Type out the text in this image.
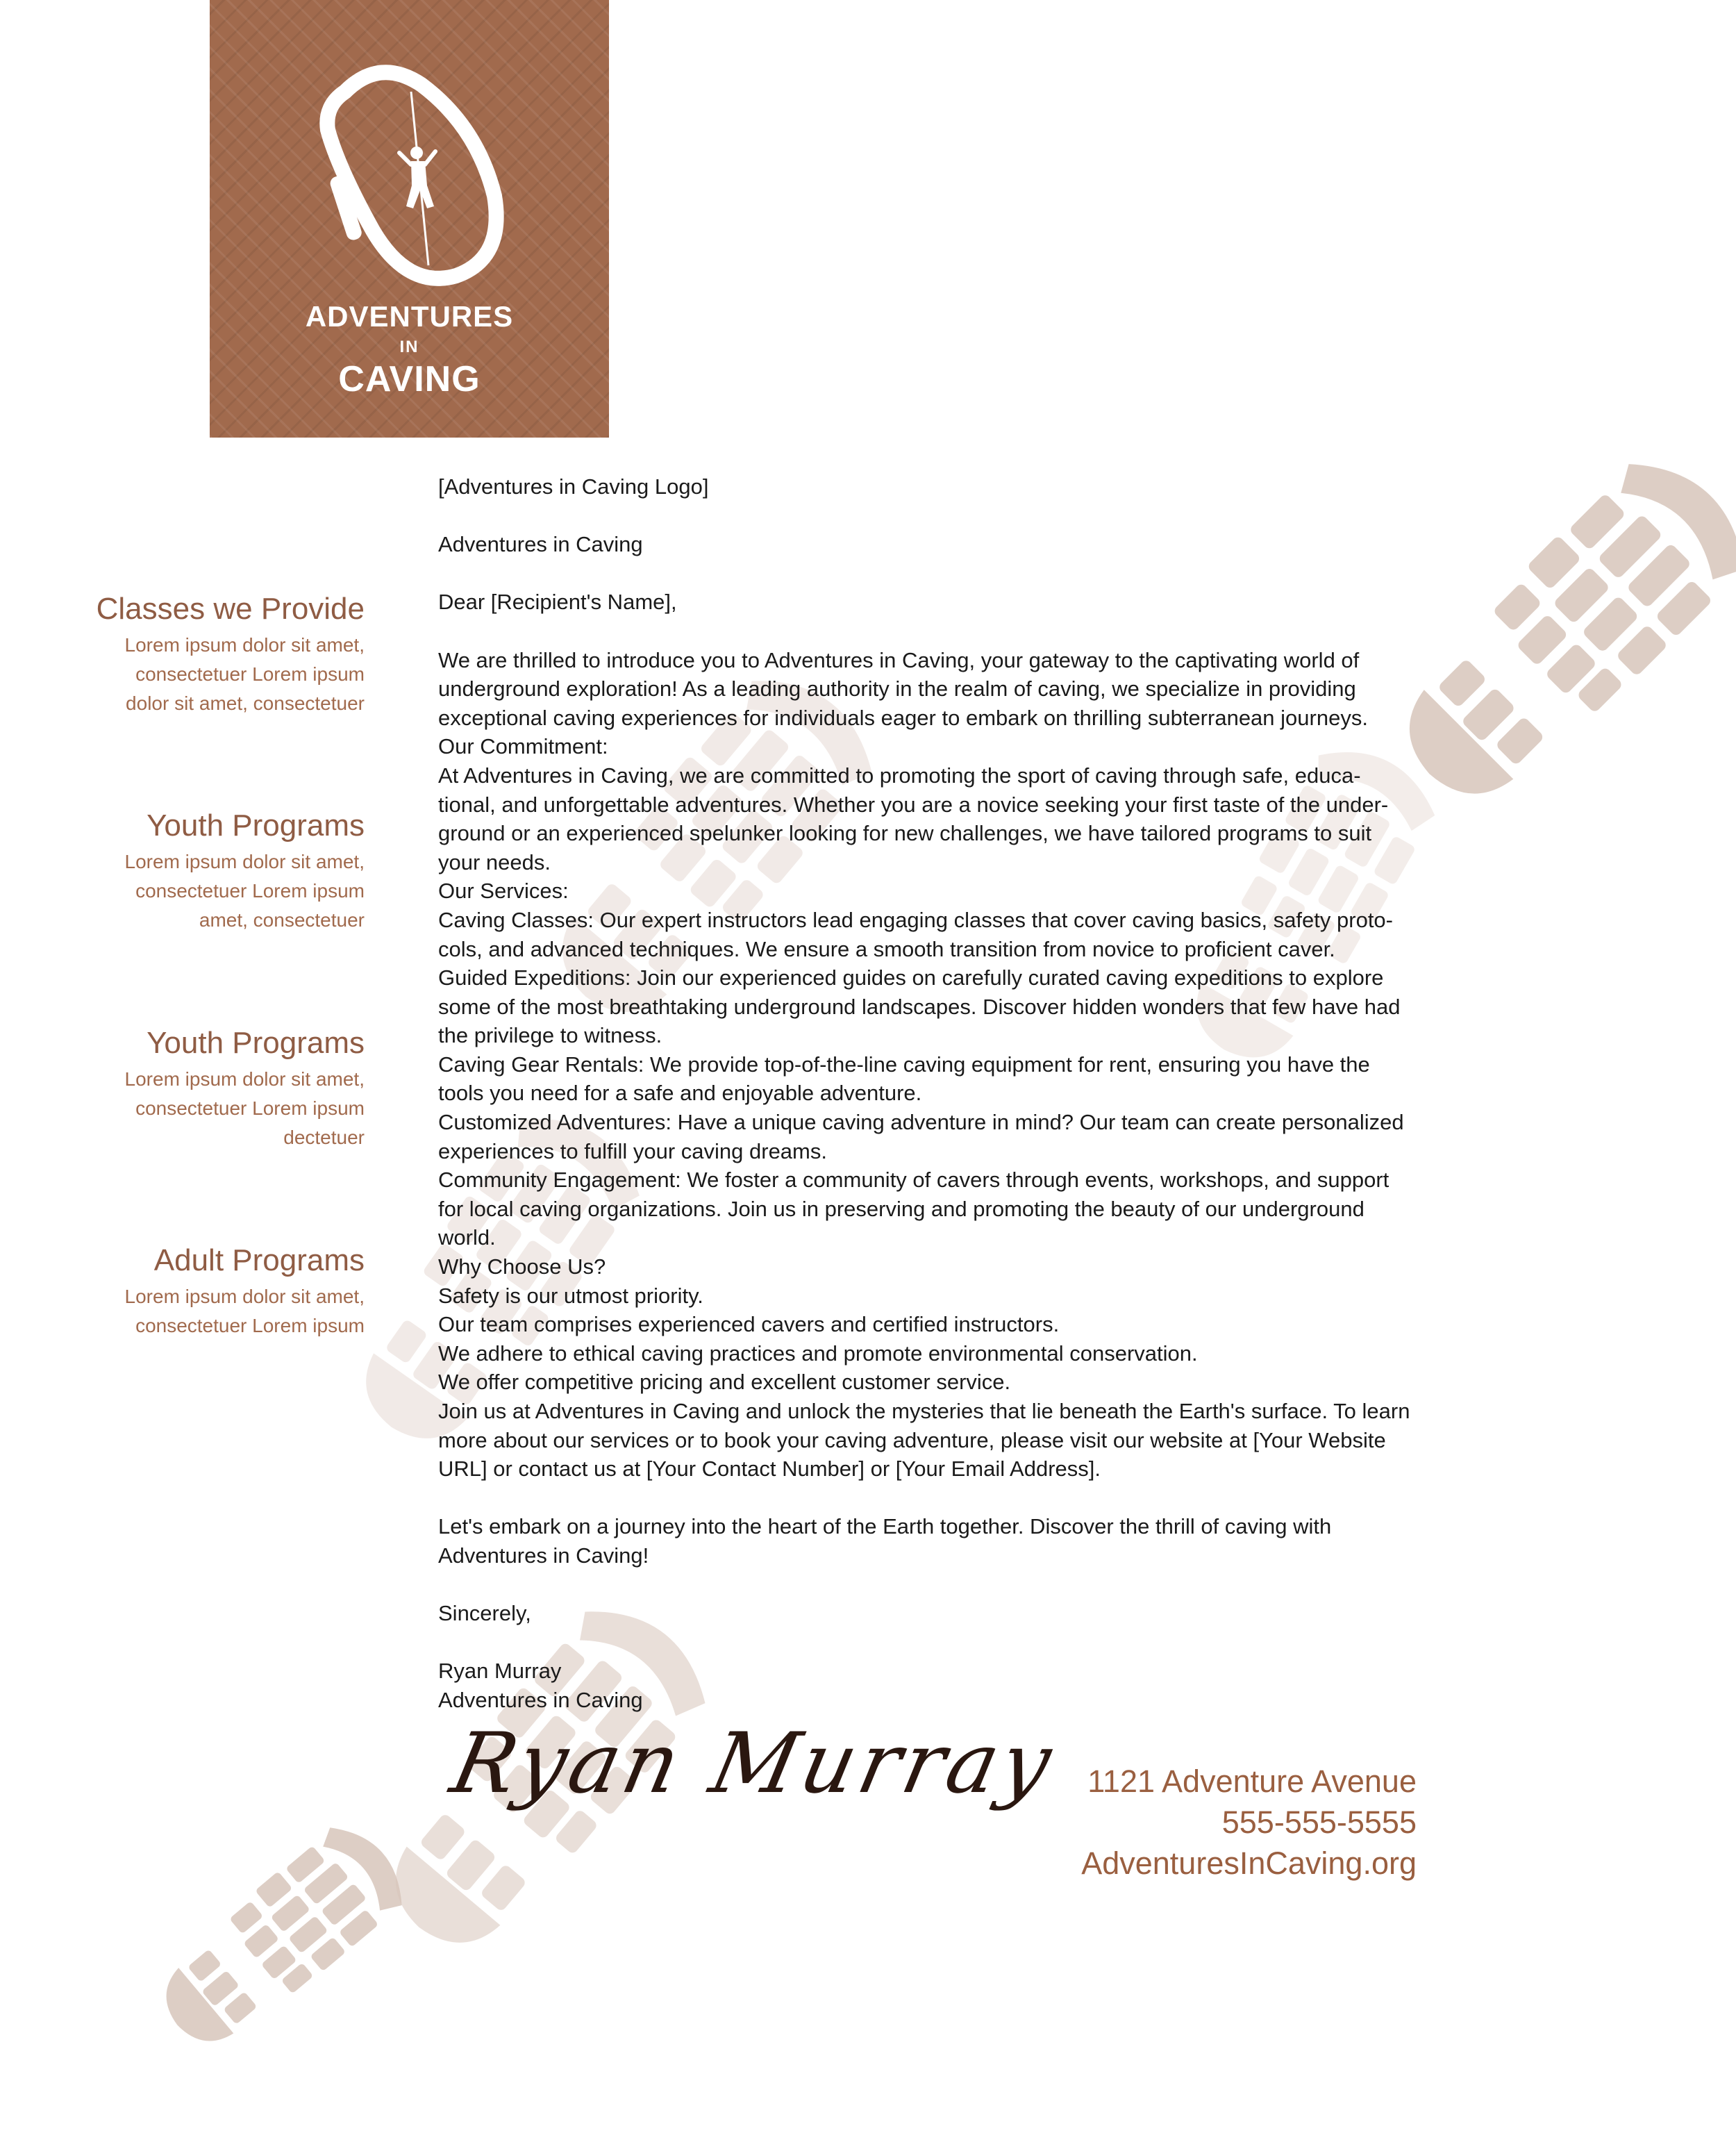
ADVENTURES
IN
CAVING
Classes we Provide
Lorem ipsum dolor sit amet,
consectetuer Lorem ipsum
dolor sit amet, consectetuer
Youth Programs
Lorem ipsum dolor sit amet,
consectetuer Lorem ipsum
amet, consectetuer
Youth Programs
Lorem ipsum dolor sit amet,
consectetuer Lorem ipsum
dectetuer
Adult Programs
Lorem ipsum dolor sit amet,
consectetuer Lorem ipsum

[Adventures in Caving Logo]

Adventures in Caving

Dear [Recipient's Name],

We are thrilled to introduce you to Adventures in Caving, your gateway to the captivating world of

underground exploration! As a leading authority in the realm of caving, we specialize in providing

exceptional caving experiences for individuals eager to embark on thrilling subterranean journeys.

Our Commitment:

At Adventures in Caving, we are committed to promoting the sport of caving through safe, educa-

tional, and unforgettable adventures. Whether you are a novice seeking your first taste of the under-

ground or an experienced spelunker looking for new challenges, we have tailored programs to suit

your needs.

Our Services:

Caving Classes: Our expert instructors lead engaging classes that cover caving basics, safety proto-

cols, and advanced techniques. We ensure a smooth transition from novice to proficient caver.

Guided Expeditions: Join our experienced guides on carefully curated caving expeditions to explore

some of the most breathtaking underground landscapes. Discover hidden wonders that few have had

the privilege to witness.

Caving Gear Rentals: We provide top-of-the-line caving equipment for rent, ensuring you have the

tools you need for a safe and enjoyable adventure.

Customized Adventures: Have a unique caving adventure in mind? Our team can create personalized

experiences to fulfill your caving dreams.

Community Engagement: We foster a community of cavers through events, workshops, and support

for local caving organizations. Join us in preserving and promoting the beauty of our underground

world.

Why Choose Us?

Safety is our utmost priority.

Our team comprises experienced cavers and certified instructors.

We adhere to ethical caving practices and promote environmental conservation.

We offer competitive pricing and excellent customer service.

Join us at Adventures in Caving and unlock the mysteries that lie beneath the Earth's surface. To learn

more about our services or to book your caving adventure, please visit our website at [Your Website

URL] or contact us at [Your Contact Number] or [Your Email Address].

Let's embark on a journey into the heart of the Earth together. Discover the thrill of caving with

Adventures in Caving!

Sincerely,

Ryan Murray

Adventures in Caving

Ryan Murray 1121 Adventure Avenue
555-555-5555
AdventuresInCaving.org
